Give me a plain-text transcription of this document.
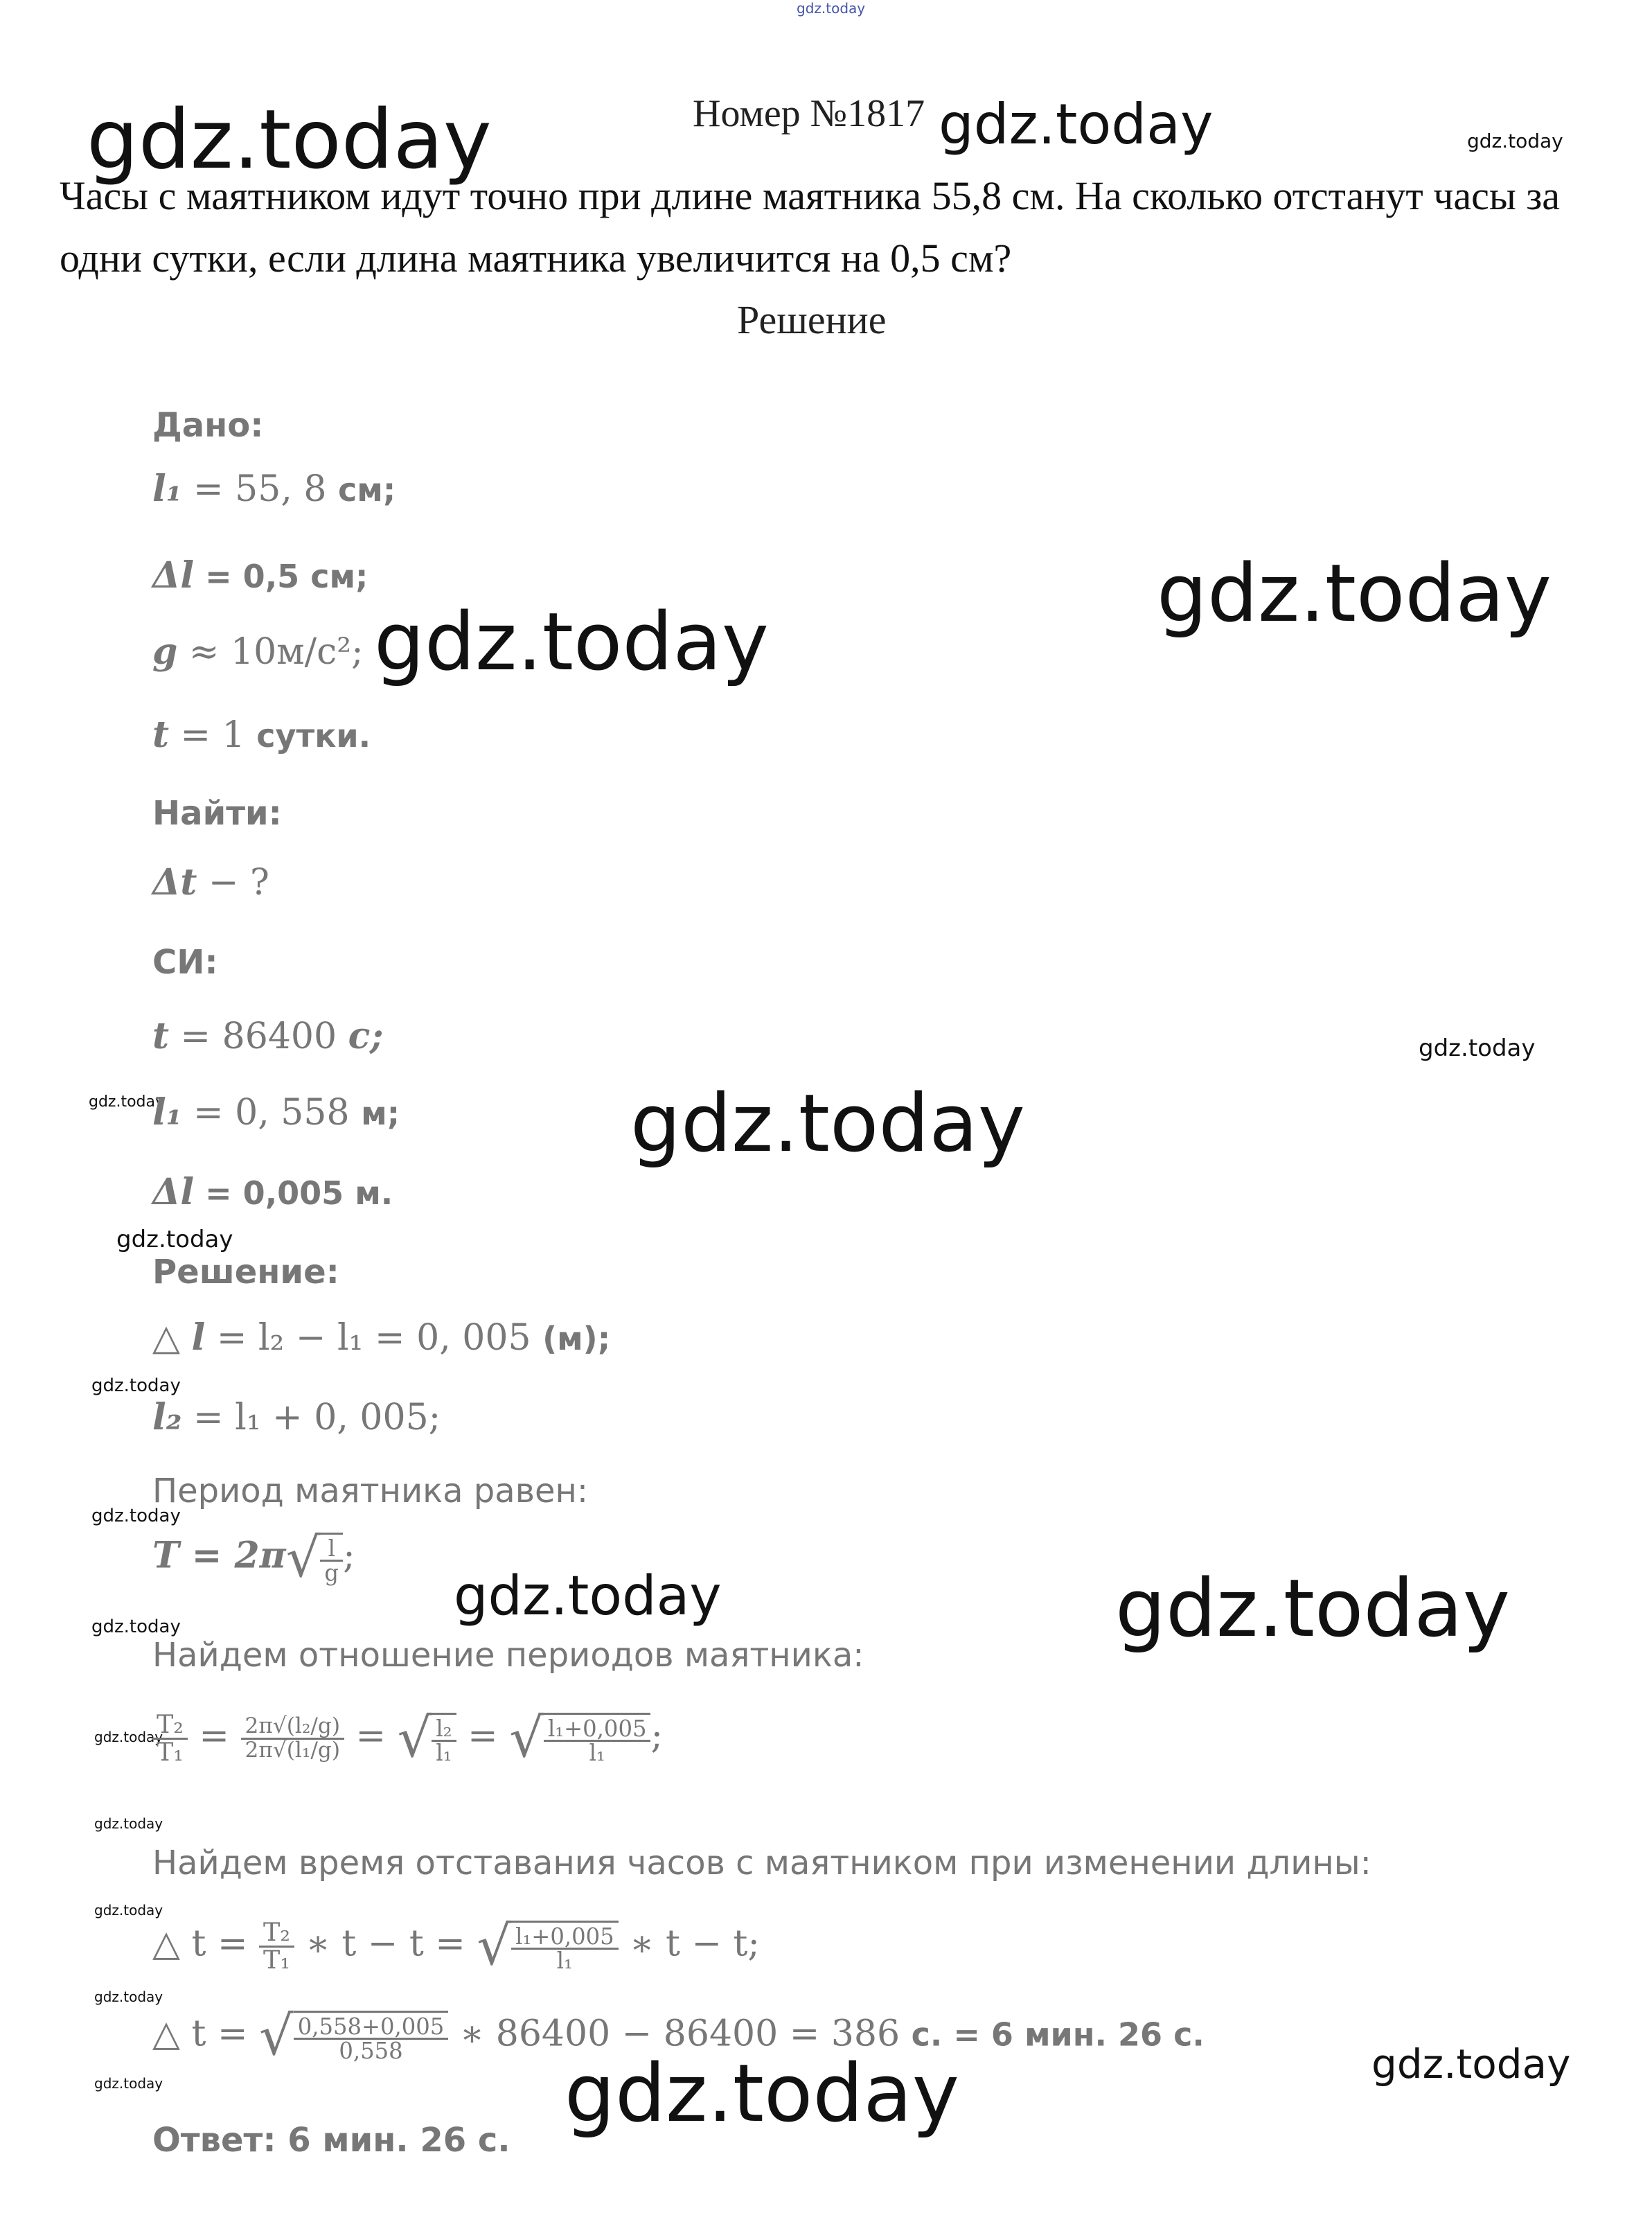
gdz.today
gdz.today	gdz.today	gdz.today
gdz.today
gdz.today
gdz.today
gdz.today	gdz.today
gdz.today
gdz.today
gdz.today
gdz.today	gdz.today
gdz.today
gdz.today
gdz.today
gdz.today
gdz.today
gdz.today	gdz.today
gdz.today
Номер №1817
Часы с маятником идут точно при длине маятника 55,8 см. На сколько отстанут часы за одни сутки, если длина маятника увеличится на 0,5 см?
Решение
Дано:
l₁ = 55, 8 см;
Δl = 0,5 см;
g ≈ 10м/с²;
t = 1 сутки.
Найти:
Δt − ?
СИ:
t = 86400 с;
l₁ = 0, 558 м;
Δl = 0,005 м.
Решение:
△ l = l₂ − l₁ = 0, 005 (м);
l₂ = l₁ + 0, 005;
Период маятника равен:
$T = 2\pi√ \frac{l}{g}$ ;
Найдем отношение периодов маятника:
$\frac{\text{T₂}}{\text{T₁}} = \frac{\text{2π√(l₂/g)}}{\text{2π√(l₁/g)}}$ = √ $\frac{\text{l₂}}{\text{l₁}}$ = √ $\frac{\text{l₁+0,005}}{\text{l₁}}$ ;
Найдем время отставания часов с маятником при изменении длины:
△ $t = \frac{\text{T₂}}{\text{T₁}}$ ∗ t − t = √ $\frac{\text{l₁+0,005}}{\text{l₁}}$ ∗ t − t;
△ t = √ $\frac{0,558+0,005}{0,558}$ ∗ 86400 − 86400 = 386 с. = 6 мин. 26 с.
Ответ: 6 мин. 26 с.
